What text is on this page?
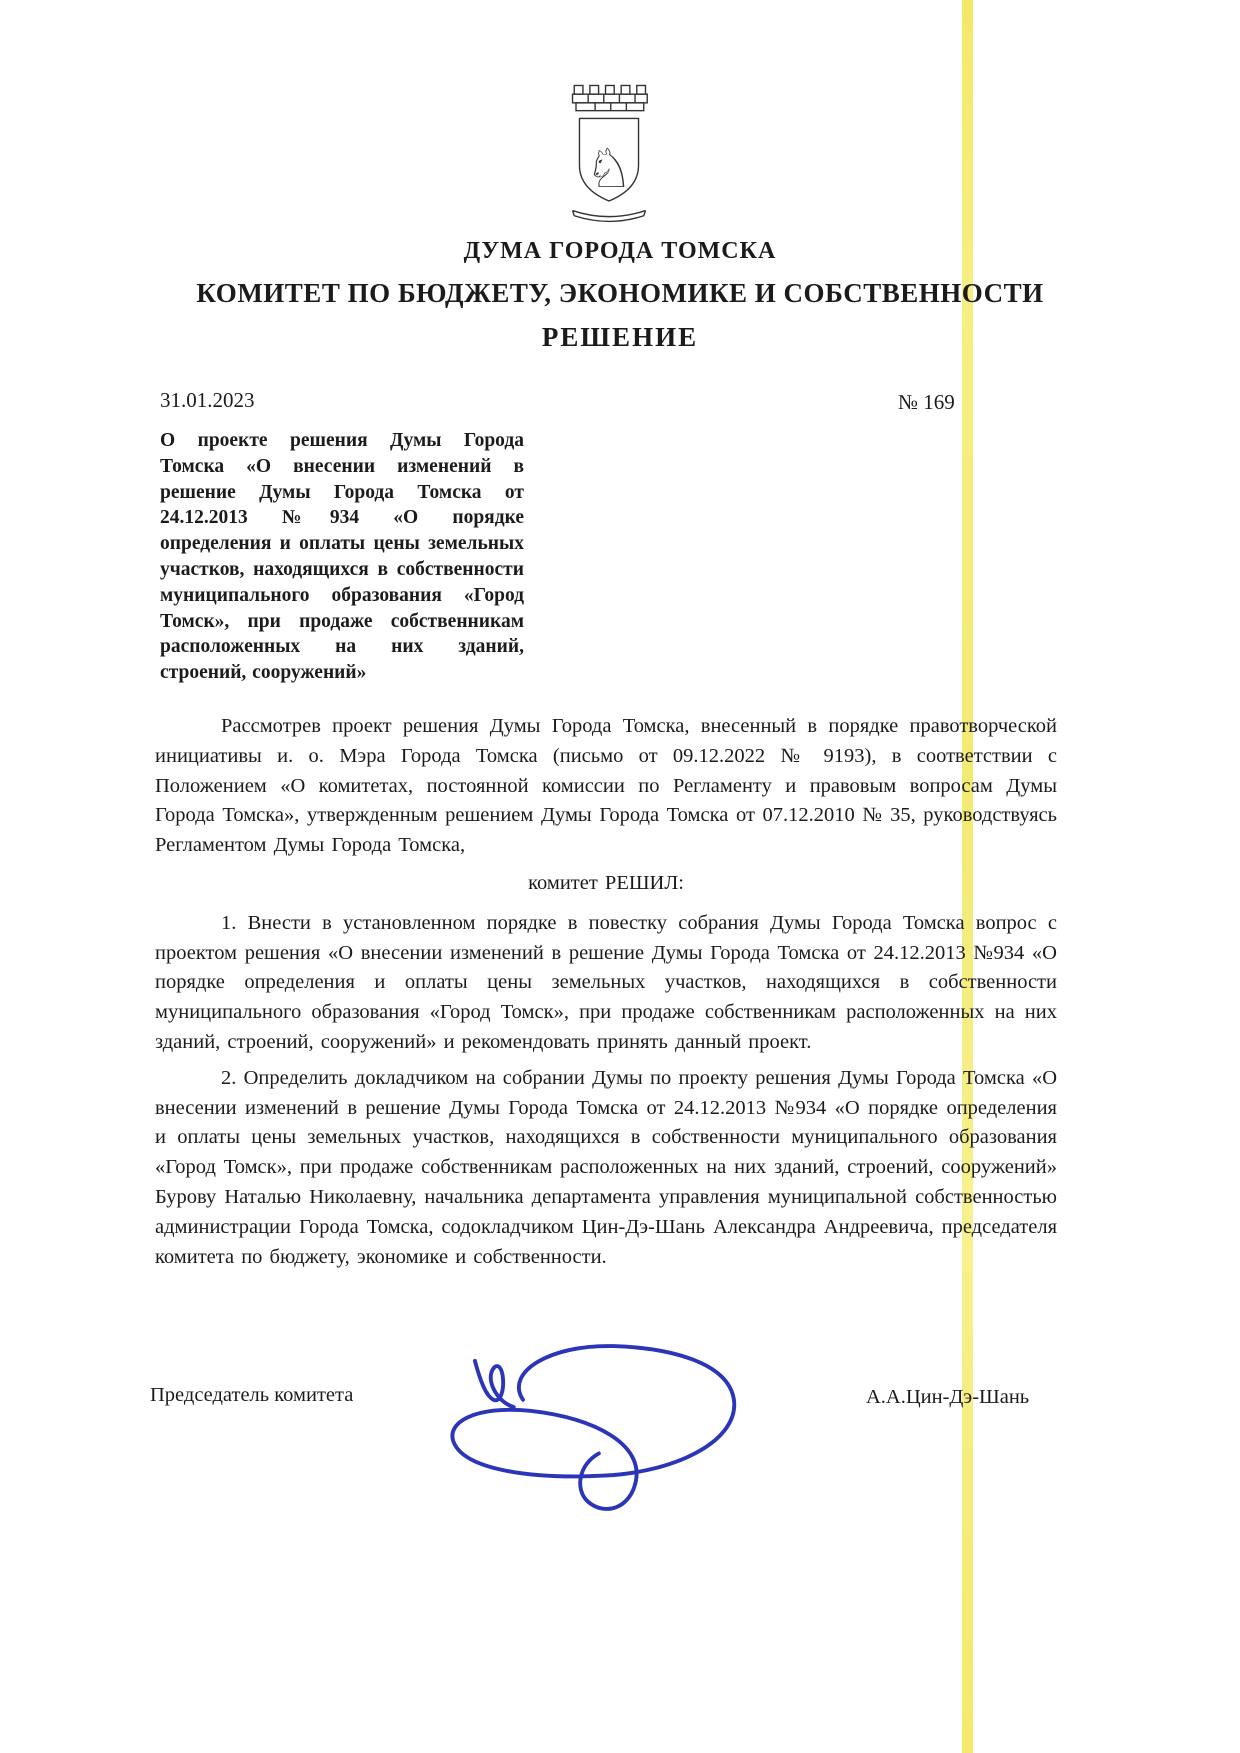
♘
ДУМА ГОРОДА ТОМСКА
КОМИТЕТ ПО БЮДЖЕТУ, ЭКОНОМИКЕ И СОБСТВЕННОСТИ
РЕШЕНИЕ
31.01.2023	№ 169
О проекте решения Думы Города Томска «О внесении изменений в решение Думы Города Томска от 24.12.2013 №934 «О порядке определения и оплаты цены земельных участков, находящихся в собственности муниципального образования «Город Томск», при продаже собственникам расположенных на них зданий, строений, сооружений»

Рассмотрев проект решения Думы Города Томска, внесенный в порядке правотворческой инициативы и. о. Мэра Города Томска (письмо от 09.12.2022 № 9193), в соответствии с Положением «О комитетах, постоянной комиссии по Регламенту и правовым вопросам Думы Города Томска», утвержденным решением Думы Города Томска от 07.12.2010 № 35, руководствуясь Регламентом Думы Города Томска,

комитет РЕШИЛ:

1. Внести в установленном порядке в повестку собрания Думы Города Томска вопрос с проектом решения «О внесении изменений в решение Думы Города Томска от 24.12.2013 №934 «О порядке определения и оплаты цены земельных участков, находящихся в собственности муниципального образования «Город Томск», при продаже собственникам расположенных на них зданий, строений, сооружений» и рекомендовать принять данный проект.

2. Определить докладчиком на собрании Думы по проекту решения Думы Города Томска «О внесении изменений в решение Думы Города Томска от 24.12.2013 №934 «О порядке определения и оплаты цены земельных участков, находящихся в собственности муниципального образования «Город Томск», при продаже собственникам расположенных на них зданий, строений, сооружений» Бурову Наталью Николаевну, начальника департамента управления муниципальной собственностью администрации Города Томска, содокладчиком Цин-Дэ-Шань Александра Андреевича, председателя комитета по бюджету, экономике и собственности.

Председатель комитета	А.А.Цин-Дэ-Шань
